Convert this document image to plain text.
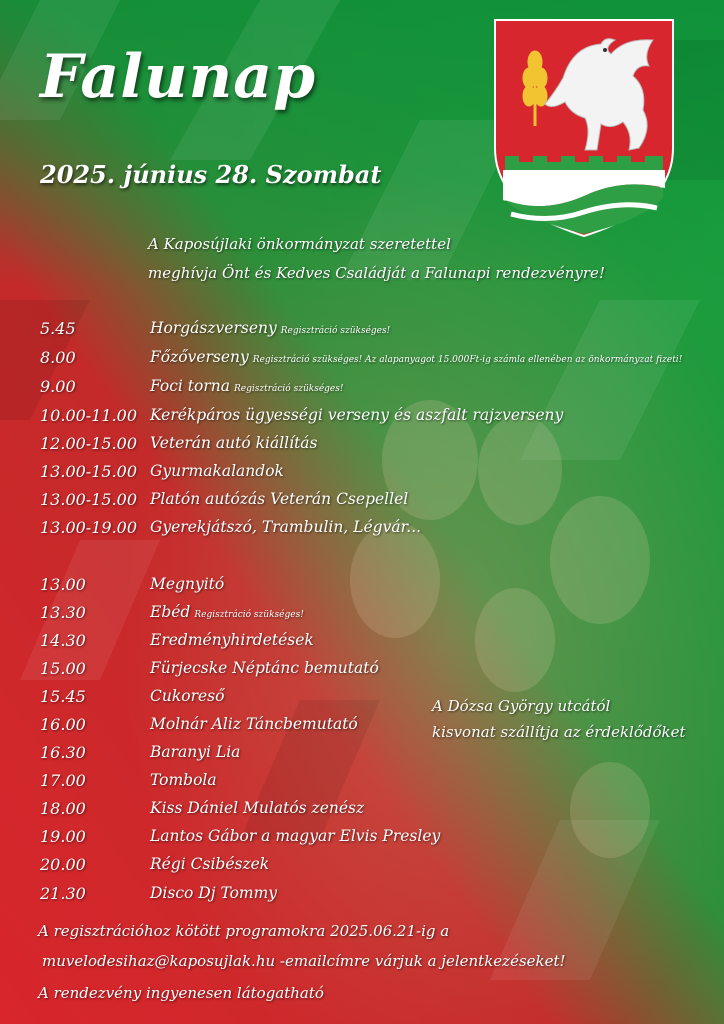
Falunap
2025. június 28. Szombat
A Kaposújlaki önkormányzat szeretettel
meghívja Önt és Kedves Családját a Falunapi rendezvényre!
5.45	Horgászverseny Regisztráció szükséges!
8.00	Főzőverseny Regisztráció szükséges! Az alapanyagot 15.000Ft-ig számla ellenében az önkormányzat fizeti!
9.00	Foci torna Regisztráció szükséges!
10.00-11.00 Kerékpáros ügyességi verseny és aszfalt rajzverseny
12.00-15.00 Veterán autó kiállítás
13.00-15.00 Gyurmakalandok
13.00-15.00 Platón autózás Veterán Csepellel
13.00-19.00 Gyerekjátszó, Trambulin, Légvár...
13.00	Megnyitó
13.30	Ebéd Regisztráció szükséges!
14.30	Eredményhirdetések
15.00	Fürjecske Néptánc bemutató
15.45	Cukoreső
16.00	Molnár Aliz Táncbemutató
16.30	Baranyi Lia
17.00	Tombola
18.00	Kiss Dániel Mulatós zenész
19.00	Lantos Gábor a magyar Elvis Presley
20.00	Régi Csibészek
21.30	Disco Dj Tommy
A Dózsa György utcától
kisvonat szállítja az érdeklődőket
A regisztrációhoz kötött programokra 2025.06.21-ig a
muvelodesihaz@kaposujlak.hu -emailcímre várjuk a jelentkezéseket!
A rendezvény ingyenesen látogatható
